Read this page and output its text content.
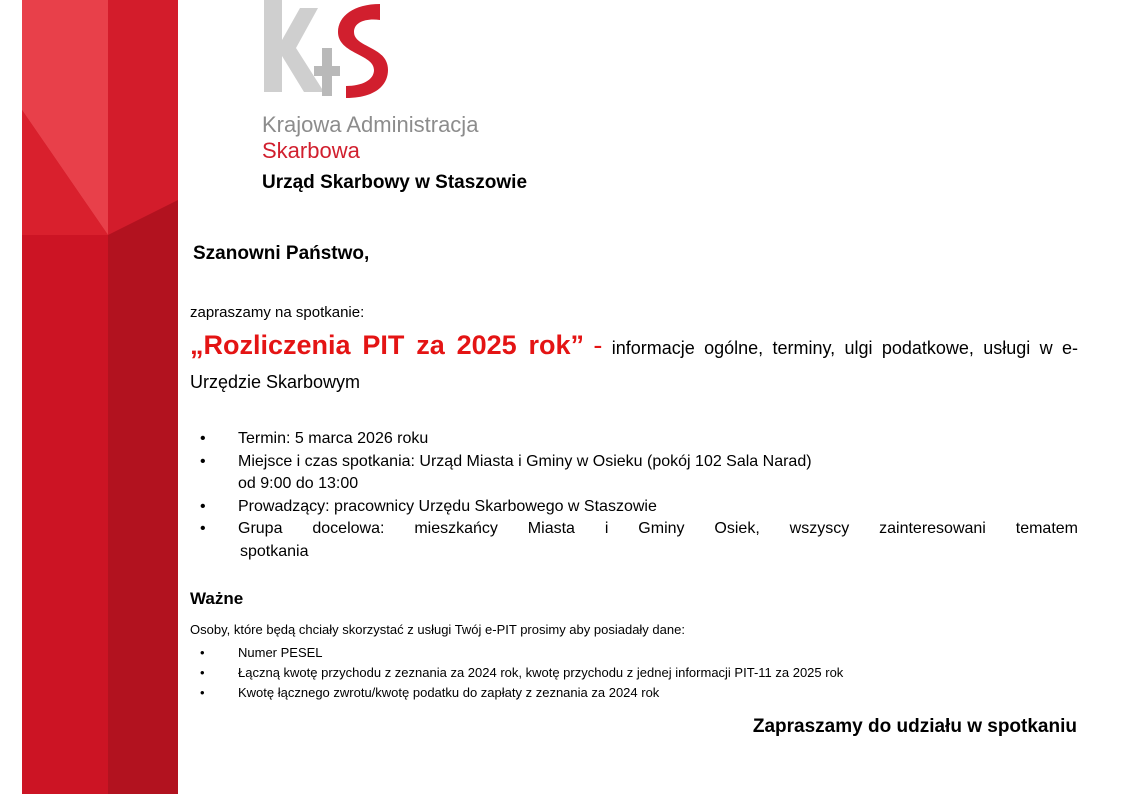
Krajowa Administracja
Skarbowa
Urząd Skarbowy w Staszowie
Szanowni Państwo,
zapraszamy na spotkanie:
„Rozliczenia PIT za 2025 rok” - informacje ogólne, terminy, ulgi podatkowe, usługi w e-Urzędzie Skarbowym
• Termin: 5 marca 2026 roku
• Miejsce i czas spotkania: Urząd Miasta i Gminy w Osieku (pokój 102 Sala Narad)
od 9:00 do 13:00
• Prowadzący: pracownicy Urzędu Skarbowego w Staszowie
• Grupa docelowa: mieszkańcy Miasta i Gminy Osiek, wszyscy zainteresowani tematem
spotkania
Ważne
Osoby, które będą chciały skorzystać z usługi Twój e-PIT prosimy aby posiadały dane:
• Numer PESEL
• Łączną kwotę przychodu z zeznania za 2024 rok, kwotę przychodu z jednej informacji PIT-11 za 2025 rok
• Kwotę łącznego zwrotu/kwotę podatku do zapłaty z zeznania za 2024 rok
Zapraszamy do udziału w spotkaniu
